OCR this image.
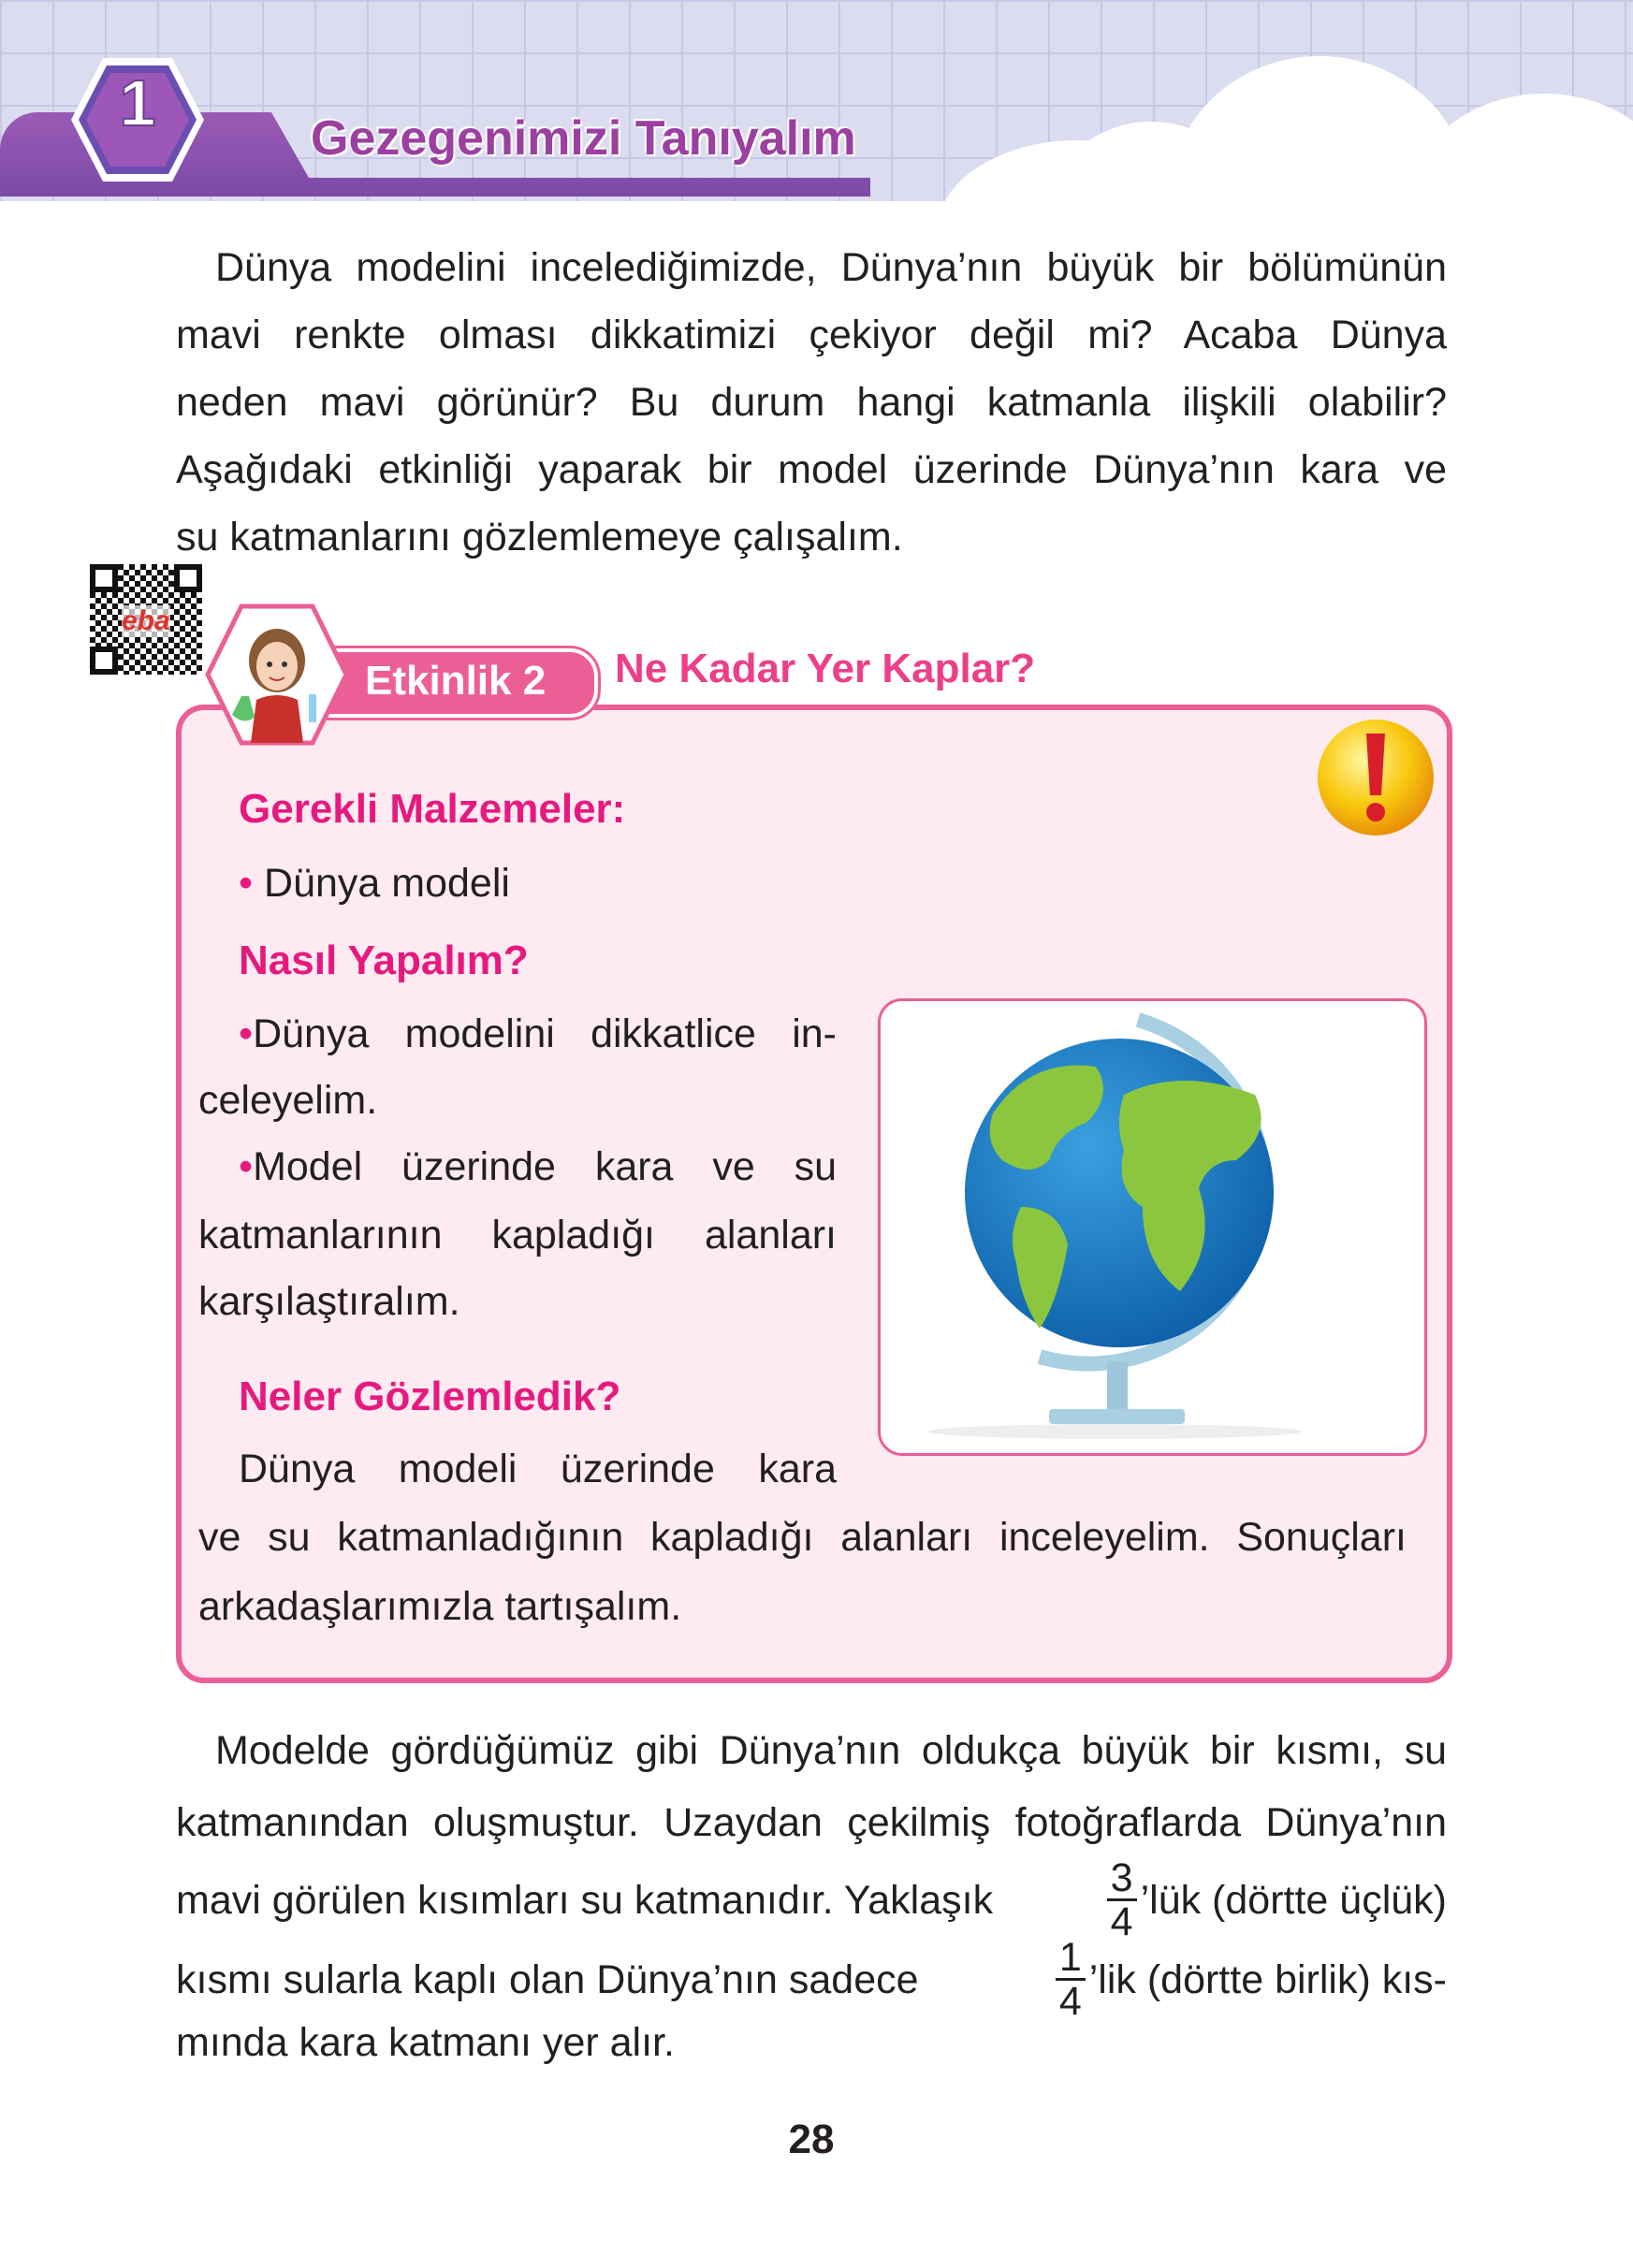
1	Gezegenimizi Tanıyalım
Dünya modelini incelediğimizde, Dünya’nın büyük bir bölümünün
mavi renkte olması dikkatimizi çekiyor değil mi? Acaba Dünya
neden mavi görünür? Bu durum hangi katmanla ilişkili olabilir?
Aşağıdaki etkinliği yaparak bir model üzerinde Dünya’nın kara ve
su katmanlarını gözlemlemeye çalışalım.
eba
Etkinlik 2 Ne Kadar Yer Kaplar?
Gerekli Malzemeler:
• Dünya modeli
Nasıl Yapalım?
•Dünya modelini dikkatlice in-
celeyelim.
•Model üzerinde kara ve su
katmanlarının kapladığı alanları
karşılaştıralım.
Neler Gözlemledik?
Dünya modeli üzerinde kara
ve su katmanladığının kapladığı alanları inceleyelim. Sonuçları
arkadaşlarımızla tartışalım.
Modelde gördüğümüz gibi Dünya’nın oldukça büyük bir kısmı, su
katmanından oluşmuştur. Uzaydan çekilmiş fotoğraflarda Dünya’nın
mavi görülen kısımları su katmanıdır. Yaklaşık	$\frac{3}{4}$ ’lük (dörtte üçlük)
kısmı sularla kaplı olan Dünya’nın sadece	$\frac{1}{4}$ ’lik (dörtte birlik) kıs-
mında kara katmanı yer alır.
28
